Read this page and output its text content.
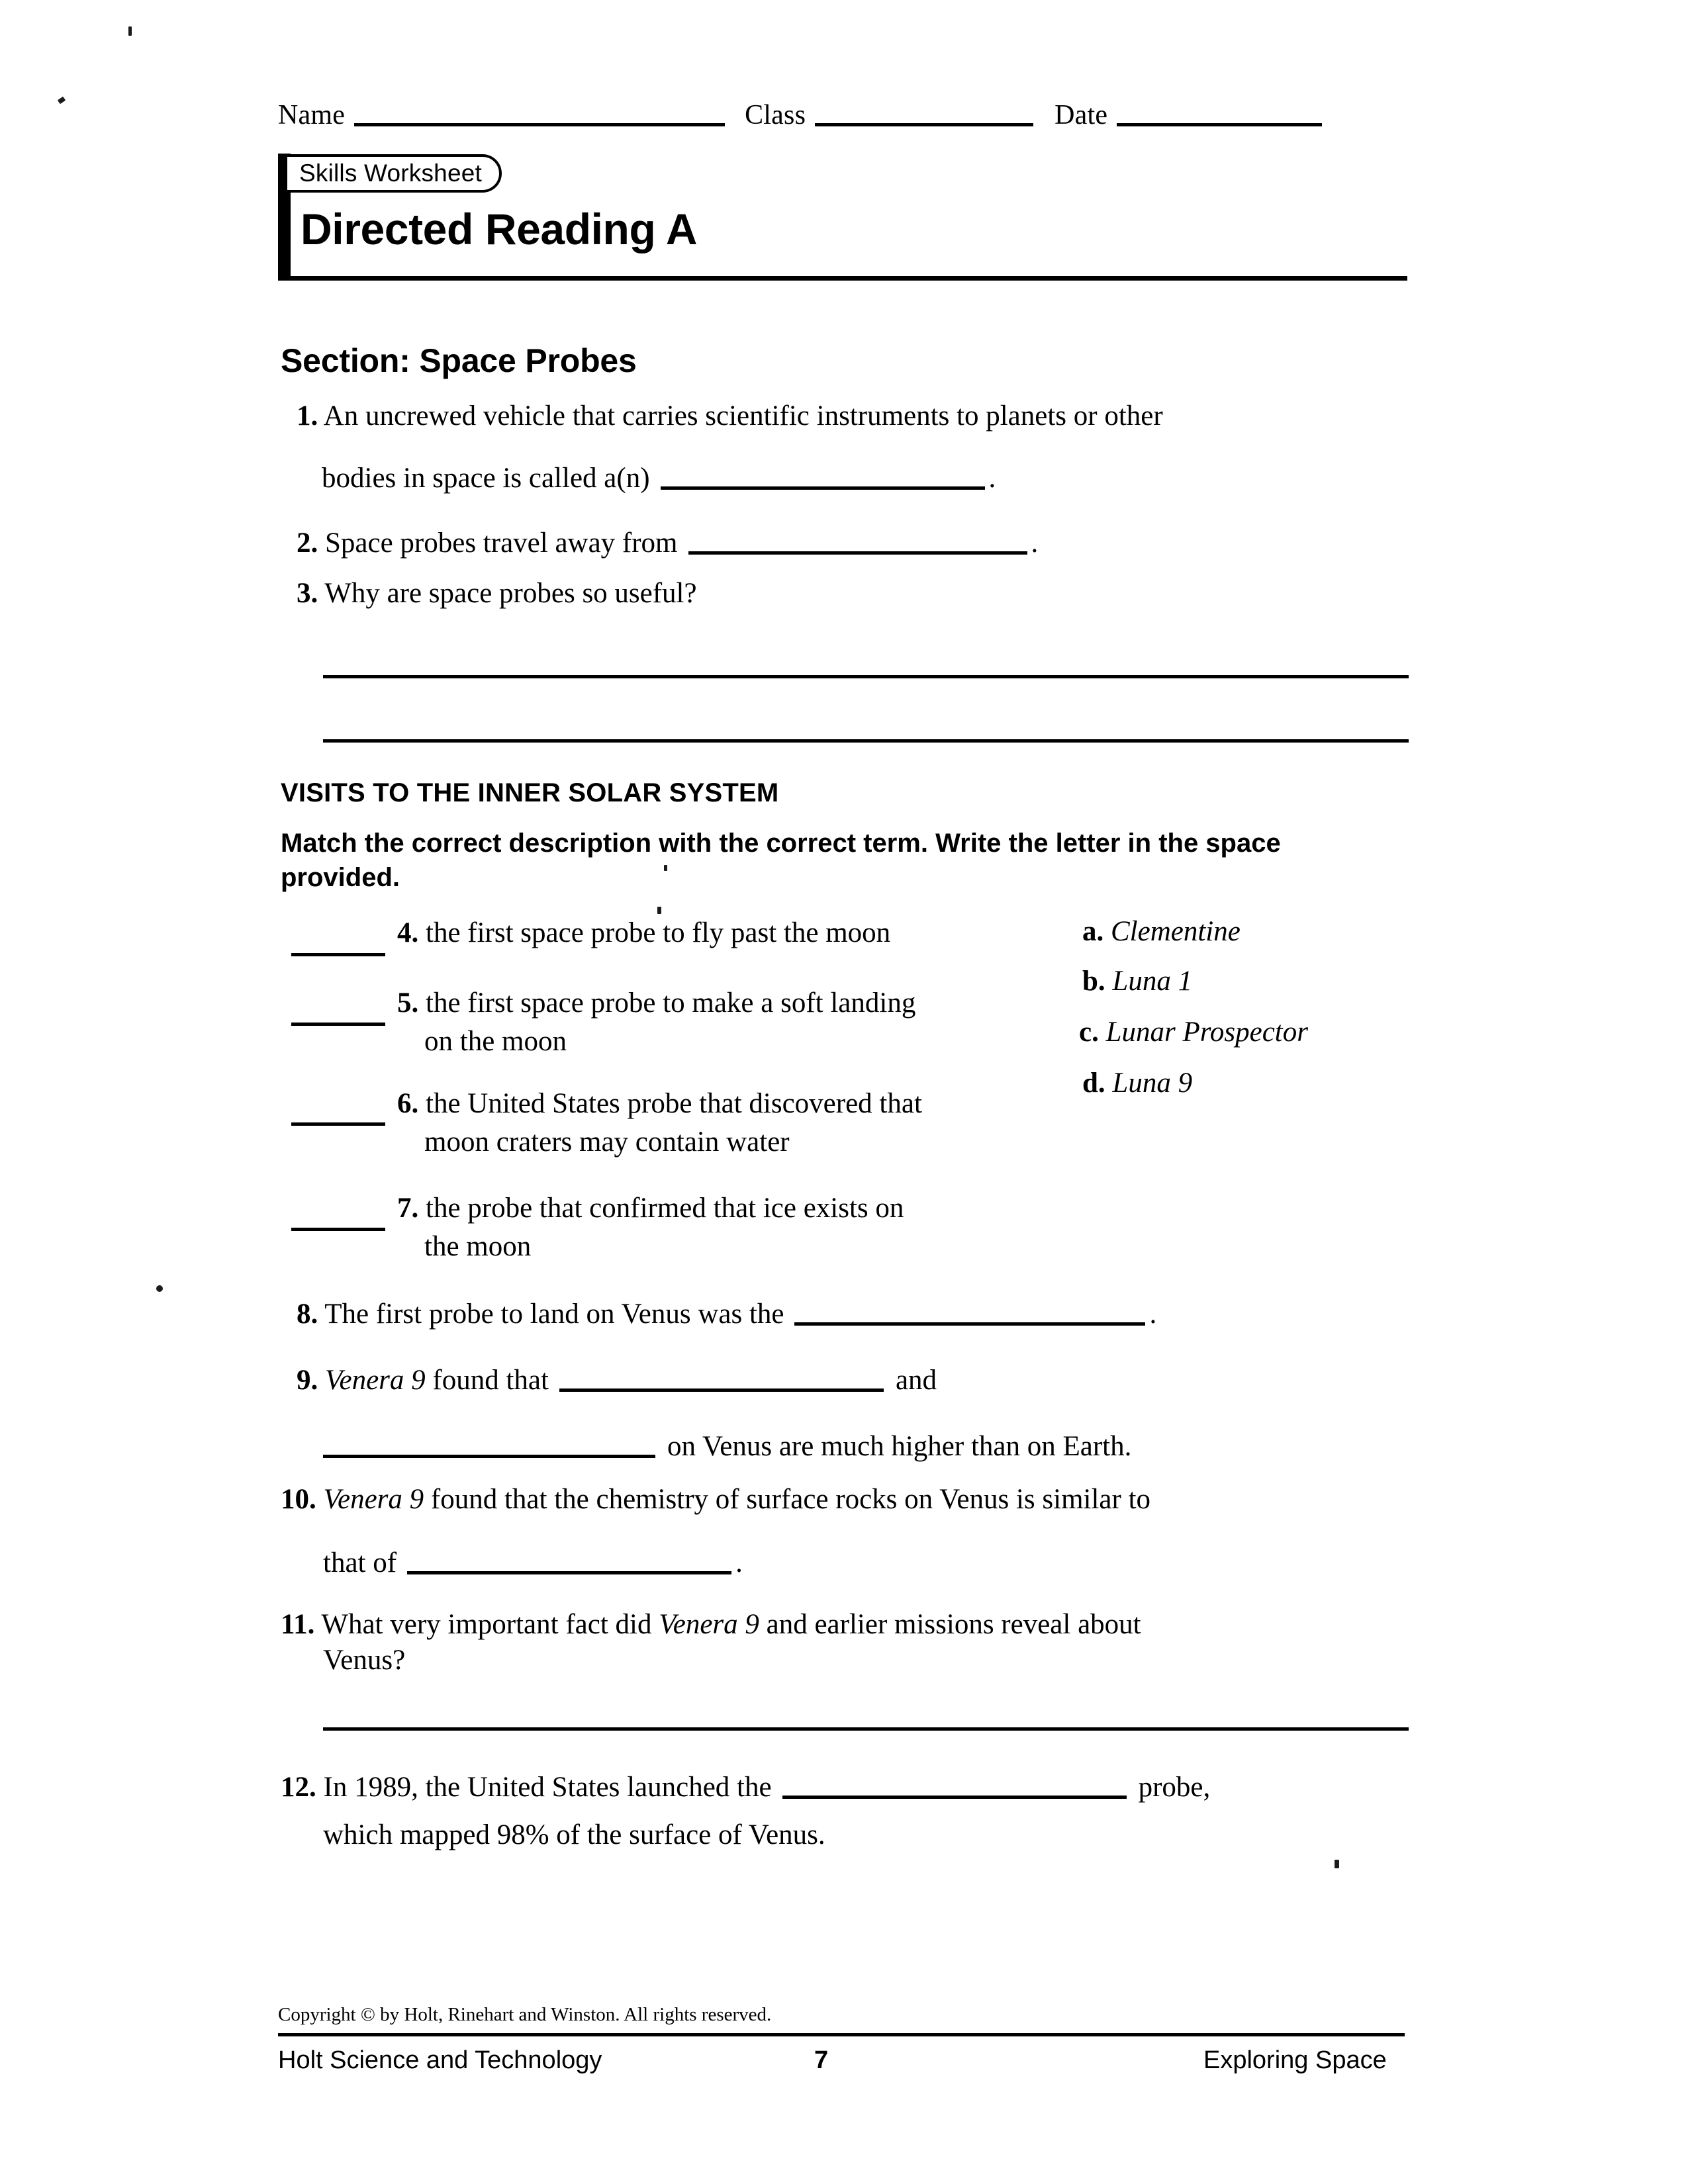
Name	Class	Date
Skills Worksheet
Directed Reading A
Section: Space Probes
1. An uncrewed vehicle that carries scientific instruments to planets or other
bodies in space is called a(n)	.
2. Space probes travel away from	.
3. Why are space probes so useful?
VISITS TO THE INNER SOLAR SYSTEM
Match the correct description with the correct term. Write the letter in the space provided.
4. the first space probe to fly past the moon
5. the first space probe to make a soft landing
on the moon
6. the United States probe that discovered that
moon craters may contain water
7. the probe that confirmed that ice exists on
the moon
a. Clementine
b. Luna 1
c. Lunar Prospector
d. Luna 9
8. The first probe to land on Venus was the	.
9. Venera 9 found that	and
on Venus are much higher than on Earth.
10. Venera 9 found that the chemistry of surface rocks on Venus is similar to
that of	.
11. What very important fact did Venera 9 and earlier missions reveal about
Venus?
12. In 1989, the United States launched the	probe,
which mapped 98% of the surface of Venus.
Copyright © by Holt, Rinehart and Winston. All rights reserved.
Holt Science and Technology	7	Exploring Space
